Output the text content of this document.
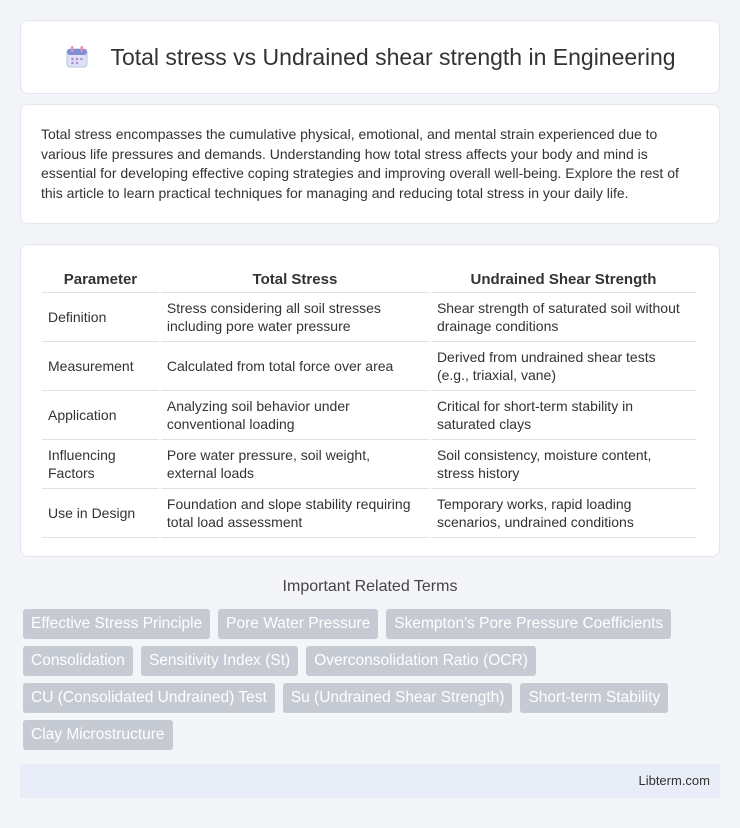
Total stress vs Undrained shear strength in Engineering

Total stress encompasses the cumulative physical, emotional, and mental strain experienced due to various life pressures and demands. Understanding how total stress affects your body and mind is essential for developing effective coping strategies and improving overall well-being. Explore the rest of this article to learn practical techniques for managing and reducing total stress in your daily life.

Parameter	Total Stress	Undrained Shear Strength
Definition	Stress considering all soil stresses including pore water pressure	Shear strength of saturated soil without drainage conditions
Measurement	Calculated from total force over area	Derived from undrained shear tests (e.g., triaxial, vane)
Application	Analyzing soil behavior under conventional loading	Critical for short-term stability in saturated clays
Influencing Factors	Pore water pressure, soil weight, external loads	Soil consistency, moisture content, stress history
Use in Design	Foundation and slope stability requiring total load assessment	Temporary works, rapid loading scenarios, undrained conditions
Important Related Terms
Effective Stress Principle	Pore Water Pressure	Skempton's Pore Pressure Coefficients
Consolidation	Sensitivity Index (St)	Overconsolidation Ratio (OCR)
CU (Consolidated Undrained) Test	Su (Undrained Shear Strength)	Short-term Stability
Clay Microstructure
Libterm.com
